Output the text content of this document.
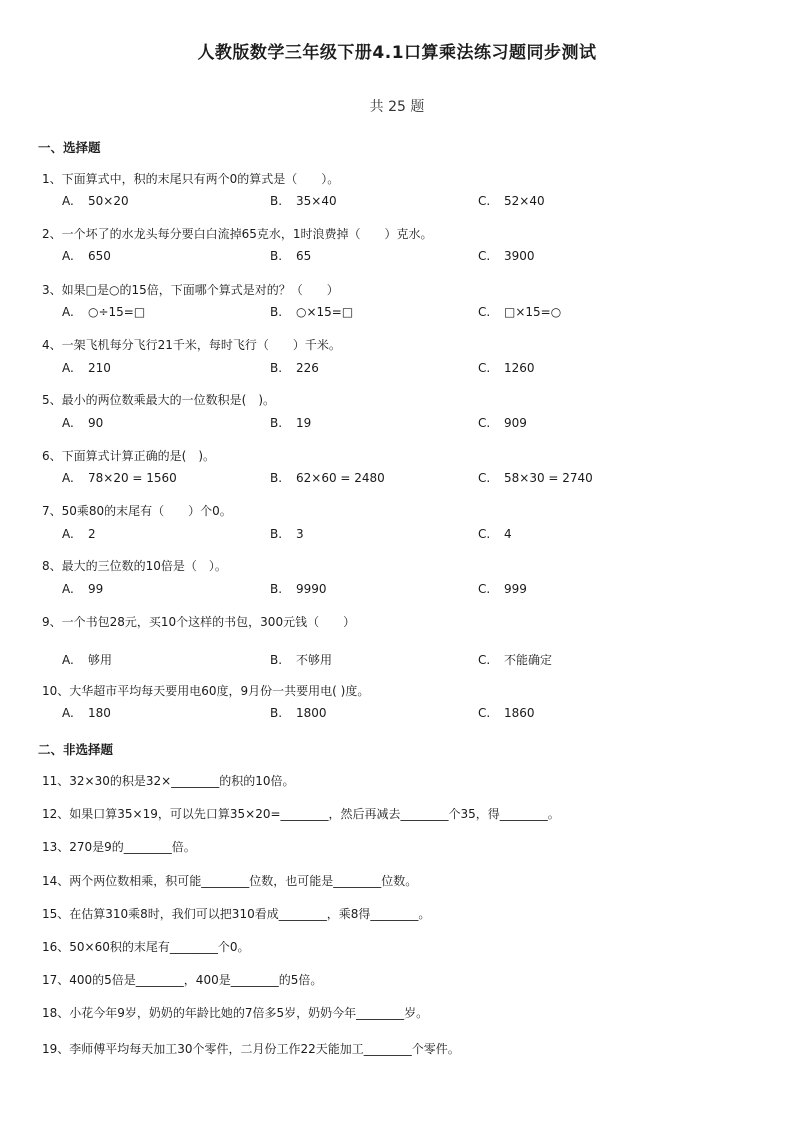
人教版数学三年级下册4.1口算乘法练习题同步测试
共 25 题
一、选择题
1、下面算式中，积的末尾只有两个0的算式是（　　）。
A. 50×20	B. 35×40	C. 52×40
2、一个坏了的水龙头每分要白白流掉65克水，1时浪费掉（　　）克水。
A. 650	B. 65	C. 3900
3、如果□是○的15倍，下面哪个算式是对的？（　　）
A. ○÷15=□	B. ○×15=□	C. □×15=○
4、一架飞机每分飞行21千米，每时飞行（　　）千米。
A. 210	B. 226	C. 1260
5、最小的两位数乘最大的一位数积是(　)。
A. 90	B. 19	C. 909
6、下面算式计算正确的是(　)。
A. 78×20 = 1560	B. 62×60 = 2480	C. 58×30 = 2740
7、50乘80的末尾有（　　）个0。
A. 2	B. 3	C. 4
8、最大的三位数的10倍是（　）。
A. 99	B. 9990	C. 999
9、一个书包28元，买10个这样的书包，300元钱（　　）
A. 够用	B. 不够用	C. 不能确定
10、大华超市平均每天要用电60度，9月份一共要用电( )度。
A. 180	B. 1800	C. 1860
二、非选择题
11、32×30的积是32×________的积的10倍。
12、如果口算35×19，可以先口算35×20=________，然后再减去________个35，得________。
13、270是9的________倍。
14、两个两位数相乘，积可能________位数，也可能是________位数。
15、在估算310乘8时，我们可以把310看成________，乘8得________。
16、50×60积的末尾有________个0。
17、400的5倍是________，400是________的5倍。
18、小花今年9岁，奶奶的年龄比她的7倍多5岁，奶奶今年________岁。
19、李师傅平均每天加工30个零件，二月份工作22天能加工________个零件。
